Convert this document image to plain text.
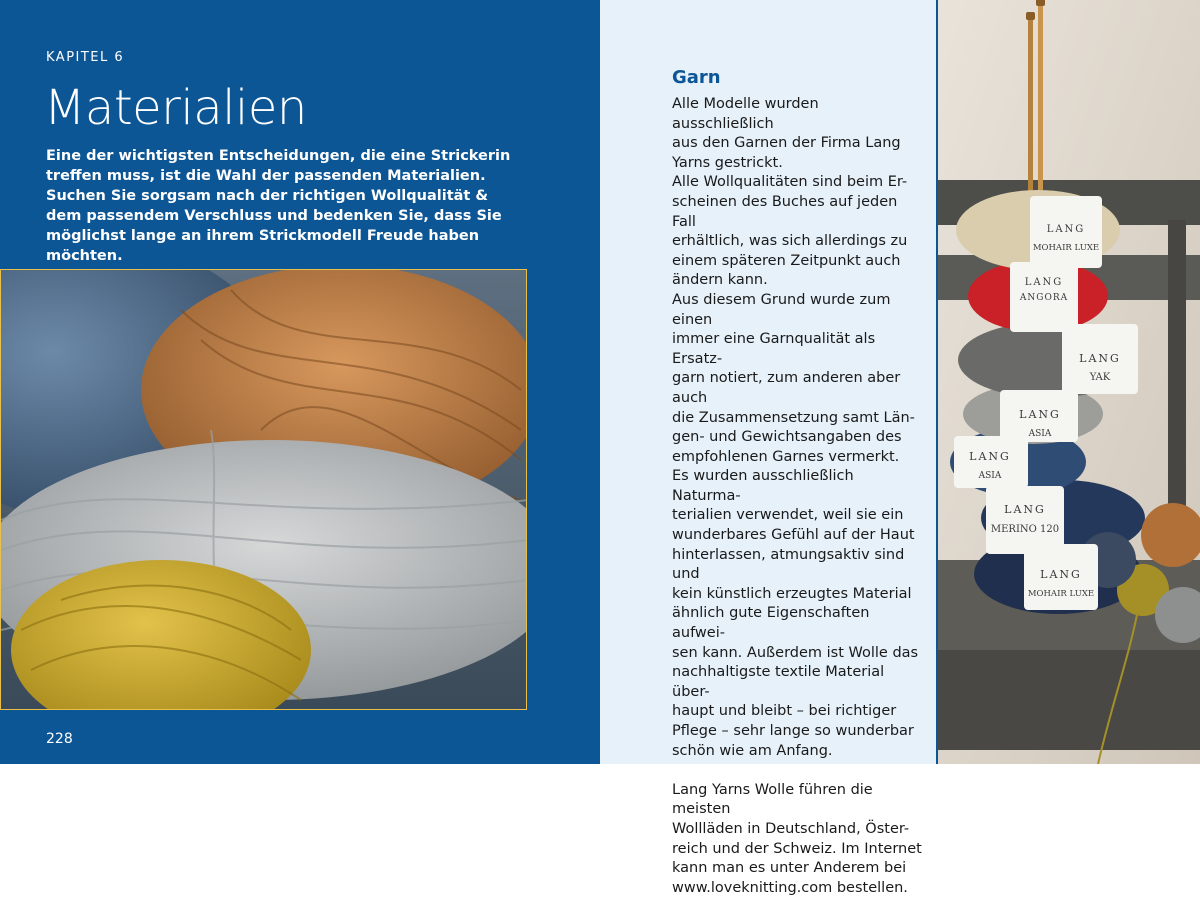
KAPITEL 6
Materialien

Eine der wichtigsten Entscheidungen, die eine Strickerin treffen muss, ist die Wahl der passenden Materialien. Suchen Sie sorgsam nach der richtigen Wollqualität & dem passendem Verschluss und bedenken Sie, dass Sie möglichst lange an ihrem Strickmodell Freude haben möchten.

228
Garn

Alle Modelle wurden ausschließlich
aus den Garnen der Firma Lang
Yarns gestrickt.
Alle Wollqualitäten sind beim Er-
scheinen des Buches auf jeden Fall
erhältlich, was sich allerdings zu
einem späteren Zeitpunkt auch
ändern kann.
Aus diesem Grund wurde zum einen
immer eine Garnqualität als Ersatz-
garn notiert, zum anderen aber auch
die Zusammensetzung samt Län-
gen- und Gewichtsangaben des
empfohlenen Garnes vermerkt.
Es wurden ausschließlich Naturma-
terialien verwendet, weil sie ein
wunderbares Gefühl auf der Haut
hinterlassen, atmungsaktiv sind und
kein künstlich erzeugtes Material
ähnlich gute Eigenschaften aufwei-
sen kann. Außerdem ist Wolle das
nachhaltigste textile Material über-
haupt und bleibt – bei richtiger
Pflege – sehr lange so wunderbar
schön wie am Anfang.

Lang Yarns Wolle führen die meisten
Wollläden in Deutschland, Öster-
reich und der Schweiz. Im Internet
kann man es unter Anderem bei
www.loveknitting.com bestellen.

LANG
MOHAIR LUXE
LANG
ANGORA
LANG
YAK
LANG
ASIA
LANG
ASIA
LANG
MERINO 120
LANG
MOHAIR LUXE
